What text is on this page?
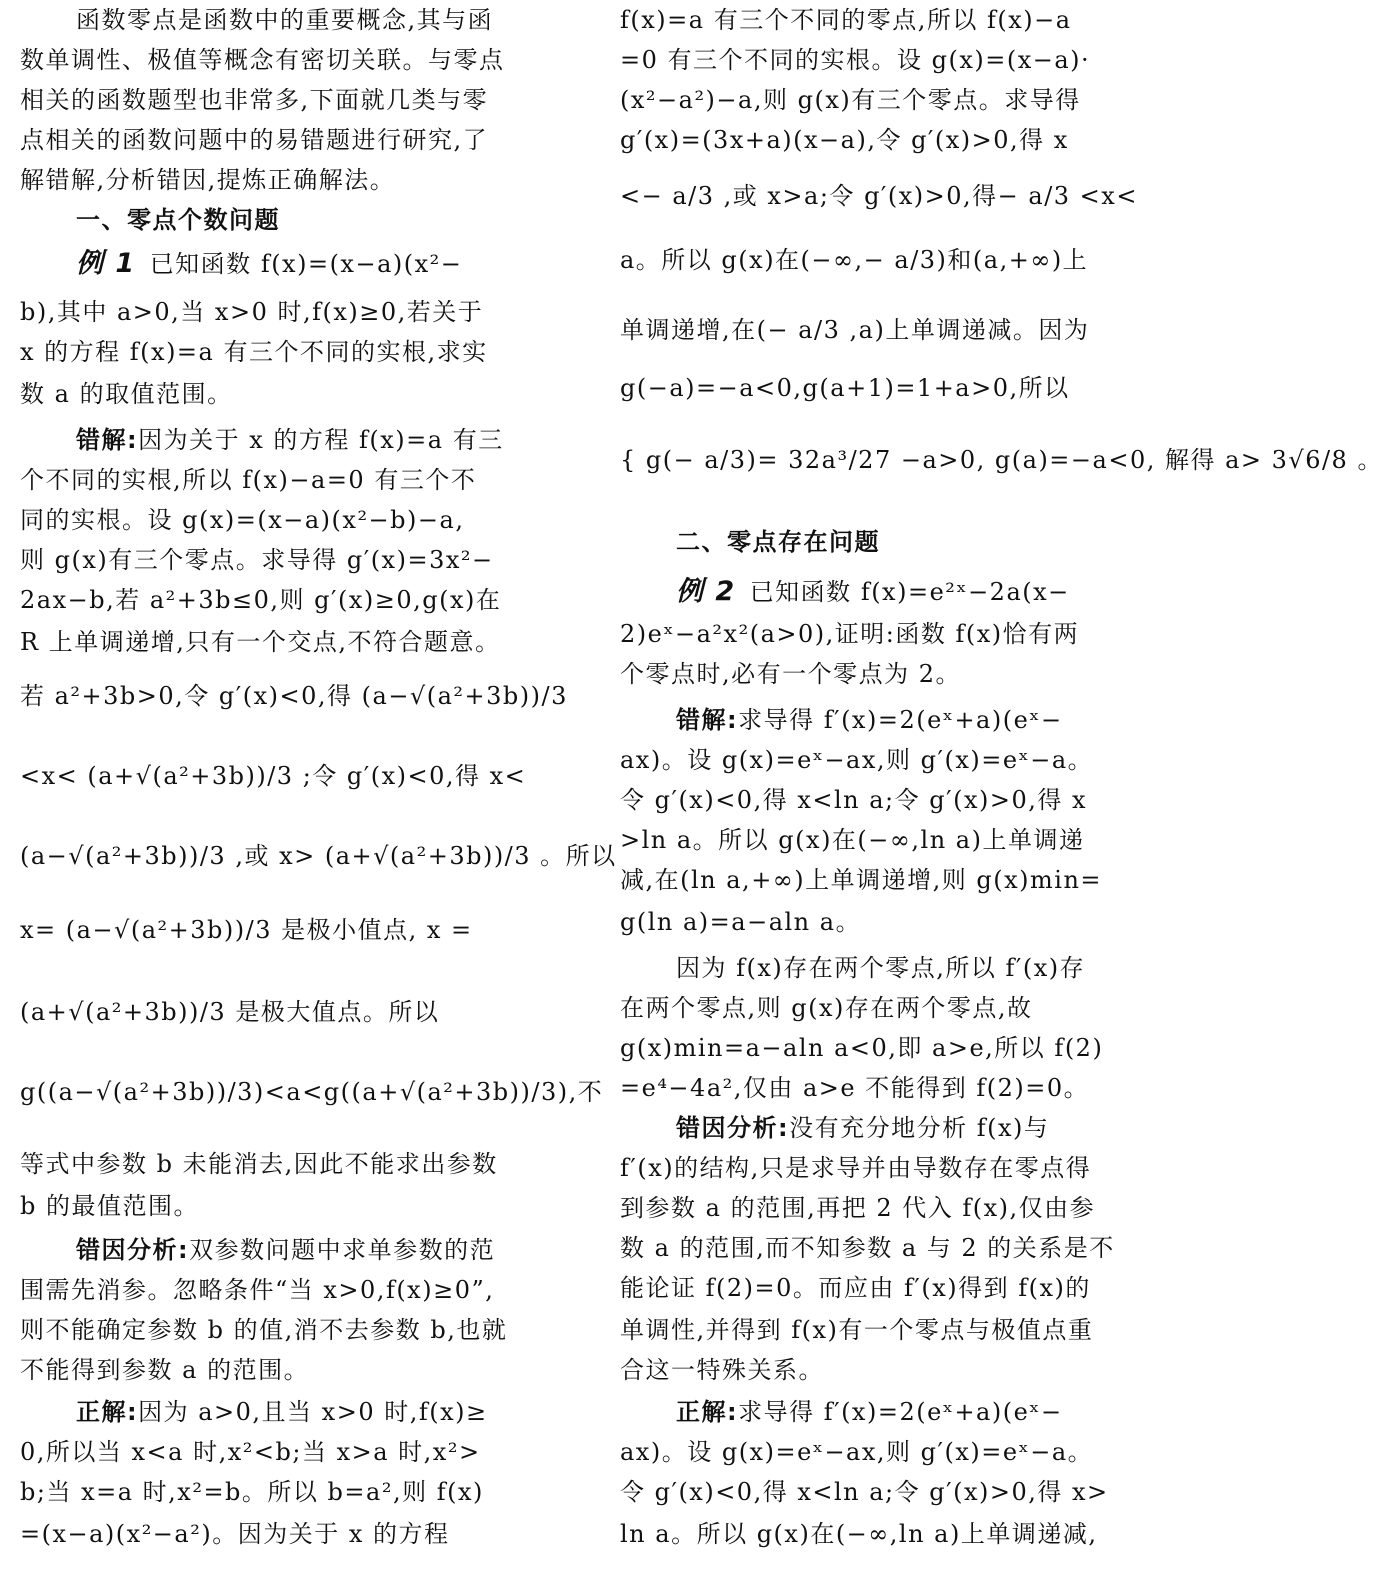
函数零点是函数中的重要概念,其与函
数单调性、极值等概念有密切关联。与零点
相关的函数题型也非常多,下面就几类与零
点相关的函数问题中的易错题进行研究,了
解错解,分析错因,提炼正确解法。
一、零点个数问题
例 1 已知函数 f(x)=(x−a)(x²−
b),其中 a>0,当 x>0 时,f(x)≥0,若关于
x 的方程 f(x)=a 有三个不同的实根,求实
数 a 的取值范围。
错解:因为关于 x 的方程 f(x)=a 有三
个不同的实根,所以 f(x)−a=0 有三个不
同的实根。设 g(x)=(x−a)(x²−b)−a,
则 g(x)有三个零点。求导得 g′(x)=3x²−
2ax−b,若 a²+3b≤0,则 g′(x)≥0,g(x)在
R 上单调递增,只有一个交点,不符合题意。
若 a²+3b>0,令 g′(x)<0,得 (a−√(a²+3b))/3
<x< (a+√(a²+3b))/3 ;令 g′(x)<0,得 x<
(a−√(a²+3b))/3 ,或 x> (a+√(a²+3b))/3 。所以
x= (a−√(a²+3b))/3 是极小值点, x =
(a+√(a²+3b))/3 是极大值点。所以
g((a−√(a²+3b))/3)<a<g((a+√(a²+3b))/3),不
等式中参数 b 未能消去,因此不能求出参数
b 的最值范围。
错因分析:双参数问题中求单参数的范
围需先消参。忽略条件“当 x>0,f(x)≥0”,
则不能确定参数 b 的值,消不去参数 b,也就
不能得到参数 a 的范围。
正解:因为 a>0,且当 x>0 时,f(x)≥
0,所以当 x<a 时,x²<b;当 x>a 时,x²>
b;当 x=a 时,x²=b。所以 b=a²,则 f(x)
=(x−a)(x²−a²)。因为关于 x 的方程
f(x)=a 有三个不同的零点,所以 f(x)−a
=0 有三个不同的实根。设 g(x)=(x−a)·
(x²−a²)−a,则 g(x)有三个零点。求导得
g′(x)=(3x+a)(x−a),令 g′(x)>0,得 x
<− a/3 ,或 x>a;令 g′(x)>0,得− a/3 <x<
a。所以 g(x)在(−∞,− a/3)和(a,+∞)上
单调递增,在(− a/3 ,a)上单调递减。因为
g(−a)=−a<0,g(a+1)=1+a>0,所以
{ g(− a/3)= 32a³/27 −a>0, g(a)=−a<0, 解得 a> 3√6/8 。
二、零点存在问题
例 2 已知函数 f(x)=e²ˣ−2a(x−
2)eˣ−a²x²(a>0),证明:函数 f(x)恰有两
个零点时,必有一个零点为 2。
错解:求导得 f′(x)=2(eˣ+a)(eˣ−
ax)。设 g(x)=eˣ−ax,则 g′(x)=eˣ−a。
令 g′(x)<0,得 x<ln a;令 g′(x)>0,得 x
>ln a。所以 g(x)在(−∞,ln a)上单调递
减,在(ln a,+∞)上单调递增,则 g(x)min=
g(ln a)=a−aln a。
因为 f(x)存在两个零点,所以 f′(x)存
在两个零点,则 g(x)存在两个零点,故
g(x)min=a−aln a<0,即 a>e,所以 f(2)
=e⁴−4a²,仅由 a>e 不能得到 f(2)=0。
错因分析:没有充分地分析 f(x)与
f′(x)的结构,只是求导并由导数存在零点得
到参数 a 的范围,再把 2 代入 f(x),仅由参
数 a 的范围,而不知参数 a 与 2 的关系是不
能论证 f(2)=0。而应由 f′(x)得到 f(x)的
单调性,并得到 f(x)有一个零点与极值点重
合这一特殊关系。
正解:求导得 f′(x)=2(eˣ+a)(eˣ−
ax)。设 g(x)=eˣ−ax,则 g′(x)=eˣ−a。
令 g′(x)<0,得 x<ln a;令 g′(x)>0,得 x>
ln a。所以 g(x)在(−∞,ln a)上单调递减,
